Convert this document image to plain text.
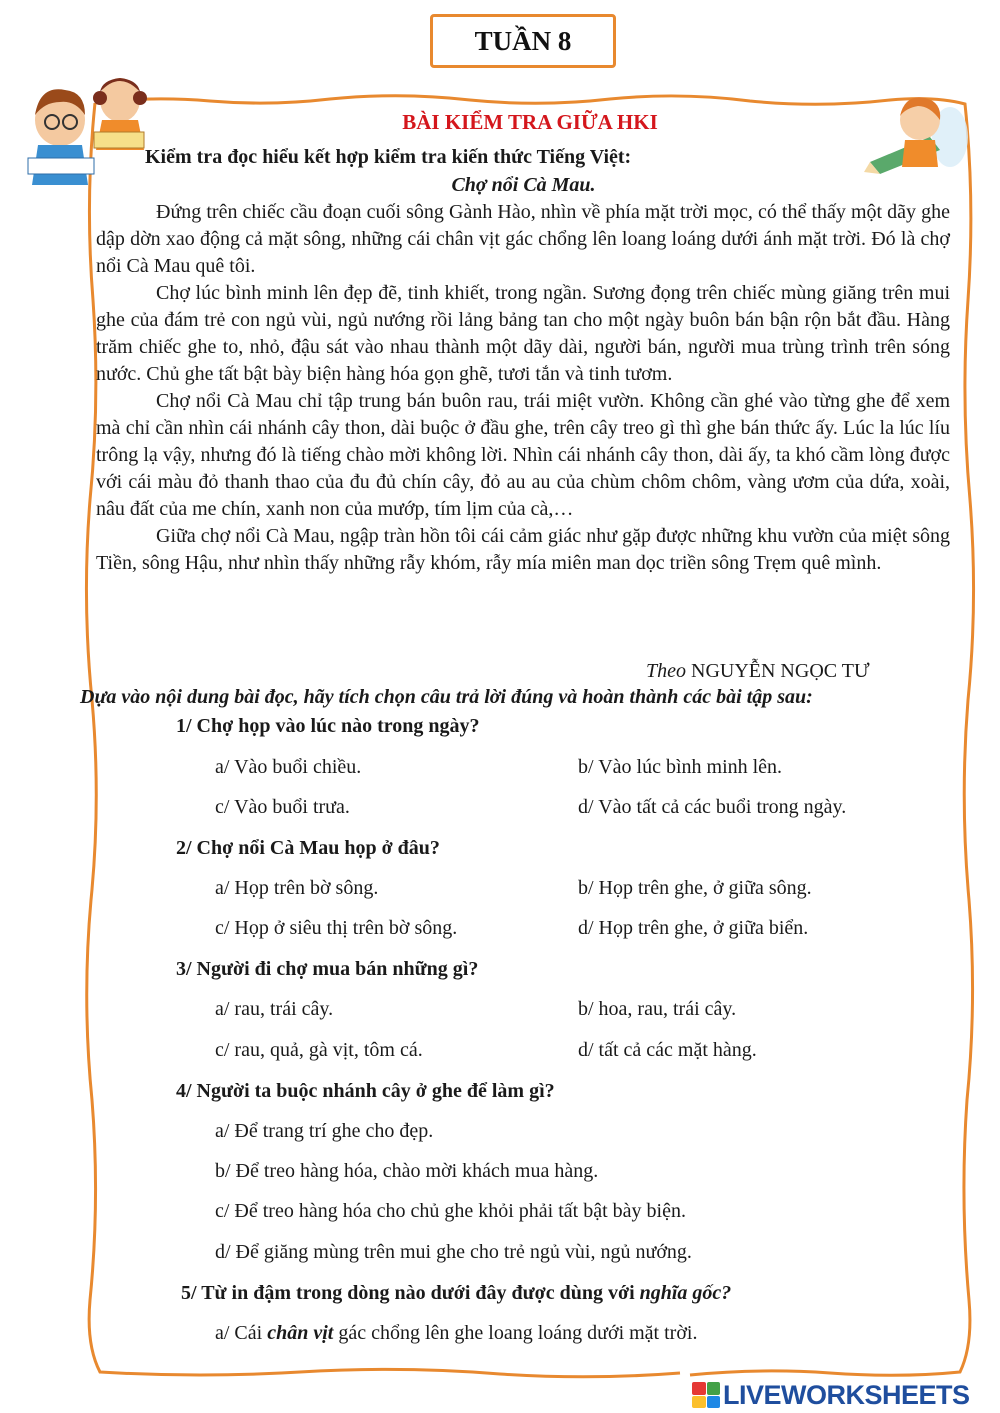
TUẦN 8
BÀI KIỂM TRA GIỮA HKI
Kiểm tra đọc hiểu kết hợp kiểm tra kiến thức Tiếng Việt:
Chợ nổi Cà Mau.

Đứng trên chiếc cầu đoạn cuối sông Gành Hào, nhìn về phía mặt trời mọc, có thể thấy một dãy ghe dập dờn xao động cả mặt sông, những cái chân vịt gác chổng lên loang loáng dưới ánh mặt trời. Đó là chợ nổi Cà Mau quê tôi.

Chợ lúc bình minh lên đẹp đẽ, tinh khiết, trong ngần. Sương đọng trên chiếc mùng giăng trên mui ghe của đám trẻ con ngủ vùi, ngủ nướng rồi lảng bảng tan cho một ngày buôn bán bận rộn bắt đầu. Hàng trăm chiếc ghe to, nhỏ, đậu sát vào nhau thành một dãy dài, người bán, người mua trùng trình trên sóng nước. Chủ ghe tất bật bày biện hàng hóa gọn ghẽ, tươi tắn và tinh tươm.

Chợ nổi Cà Mau chỉ tập trung bán buôn rau, trái miệt vườn. Không cần ghé vào từng ghe để xem mà chỉ cần nhìn cái nhánh cây thon, dài buộc ở đầu ghe, trên cây treo gì thì ghe bán thức ấy. Lúc la lúc líu trông lạ vậy, nhưng đó là tiếng chào mời không lời. Nhìn cái nhánh cây thon, dài ấy, ta khó cầm lòng được với cái màu đỏ thanh thao của đu đủ chín cây, đỏ au au của chùm chôm chôm, vàng ươm của dứa, xoài, nâu đất của me chín, xanh non của mướp, tím lịm của cà,…

Giữa chợ nổi Cà Mau, ngập tràn hồn tôi cái cảm giác như gặp được những khu vườn của miệt sông Tiền, sông Hậu, như nhìn thấy những rẫy khóm, rẫy mía miên man dọc triền sông Trẹm quê mình.

Theo NGUYỄN NGỌC TƯ
Dựa vào nội dung bài đọc, hãy tích chọn câu trả lời đúng và hoàn thành các bài tập sau:
1/ Chợ họp vào lúc nào trong ngày?
a/ Vào buổi chiều.	b/ Vào lúc bình minh lên.
c/ Vào buổi trưa.	d/ Vào tất cả các buổi trong ngày.
2/ Chợ nổi Cà Mau họp ở đâu?
a/ Họp trên bờ sông.	b/ Họp trên ghe, ở giữa sông.
c/ Họp ở siêu thị trên bờ sông.	d/ Họp trên ghe, ở giữa biển.
3/ Người đi chợ mua bán những gì?
a/ rau, trái cây.	b/ hoa, rau, trái cây.
c/ rau, quả, gà vịt, tôm cá.	d/ tất cả các mặt hàng.
4/ Người ta buộc nhánh cây ở ghe để làm gì?
a/ Để trang trí ghe cho đẹp.
b/ Để treo hàng hóa, chào mời khách mua hàng.
c/ Để treo hàng hóa cho chủ ghe khỏi phải tất bật bày biện.
d/ Để giăng mùng trên mui ghe cho trẻ ngủ vùi, ngủ nướng.
5/ Từ in đậm trong dòng nào dưới đây được dùng với nghĩa gốc?
a/ Cái chân vịt gác chổng lên ghe loang loáng dưới mặt trời.
LIVEWORKSHEETS
